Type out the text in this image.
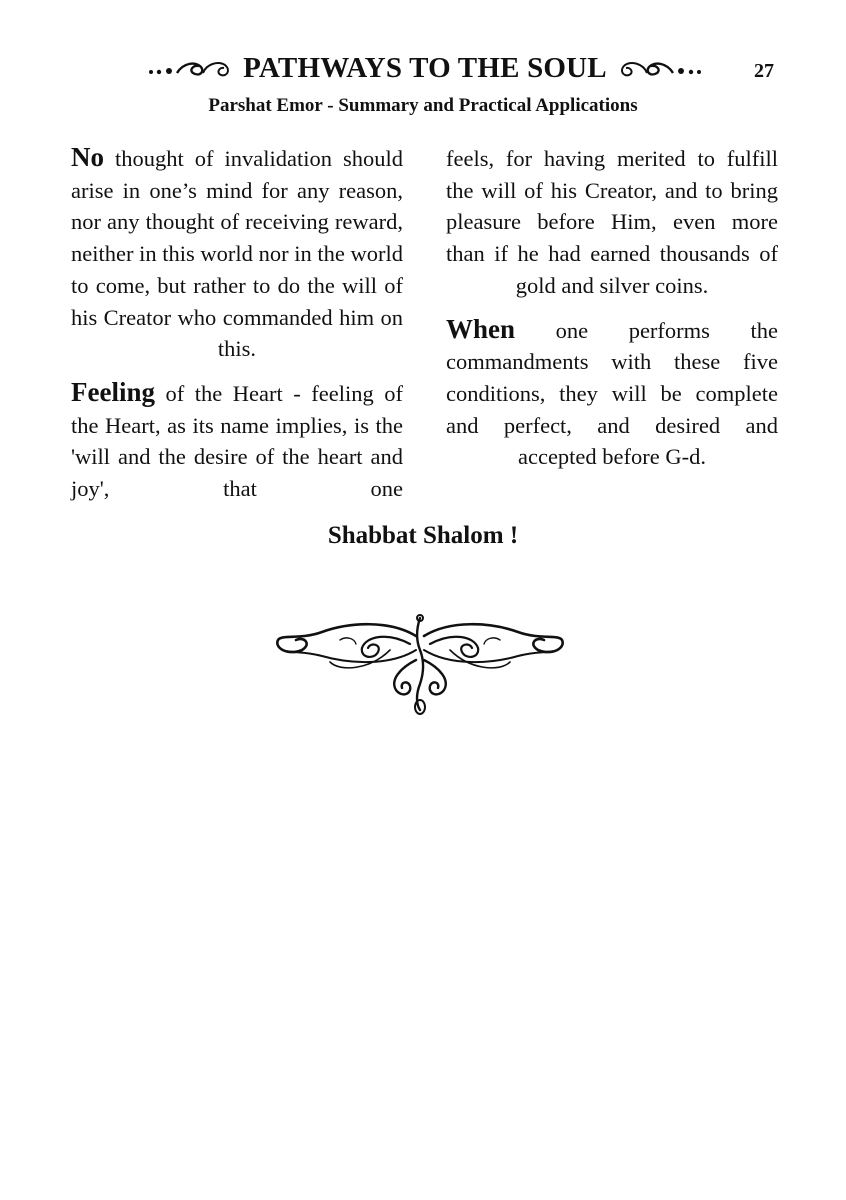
PATHWAYS TO THE SOUL	27
Parshat Emor - Summary and Practical Applications

No thought of invalidation should arise in one’s mind for any reason, nor any thought of receiving reward, neither in this world nor in the world to come, but rather to do the will of his Creator who commanded him on this.

Feeling of the Heart - feeling of the Heart, as its name implies, is the 'will and the desire of the heart and joy', that one

feels, for having merited to fulfill the will of his Creator, and to bring pleasure before Him, even more than if he had earned thousands of gold and silver coins.

When one performs the commandments with these five conditions, they will be complete and perfect, and desired and accepted before G-d.

Shabbat Shalom !
